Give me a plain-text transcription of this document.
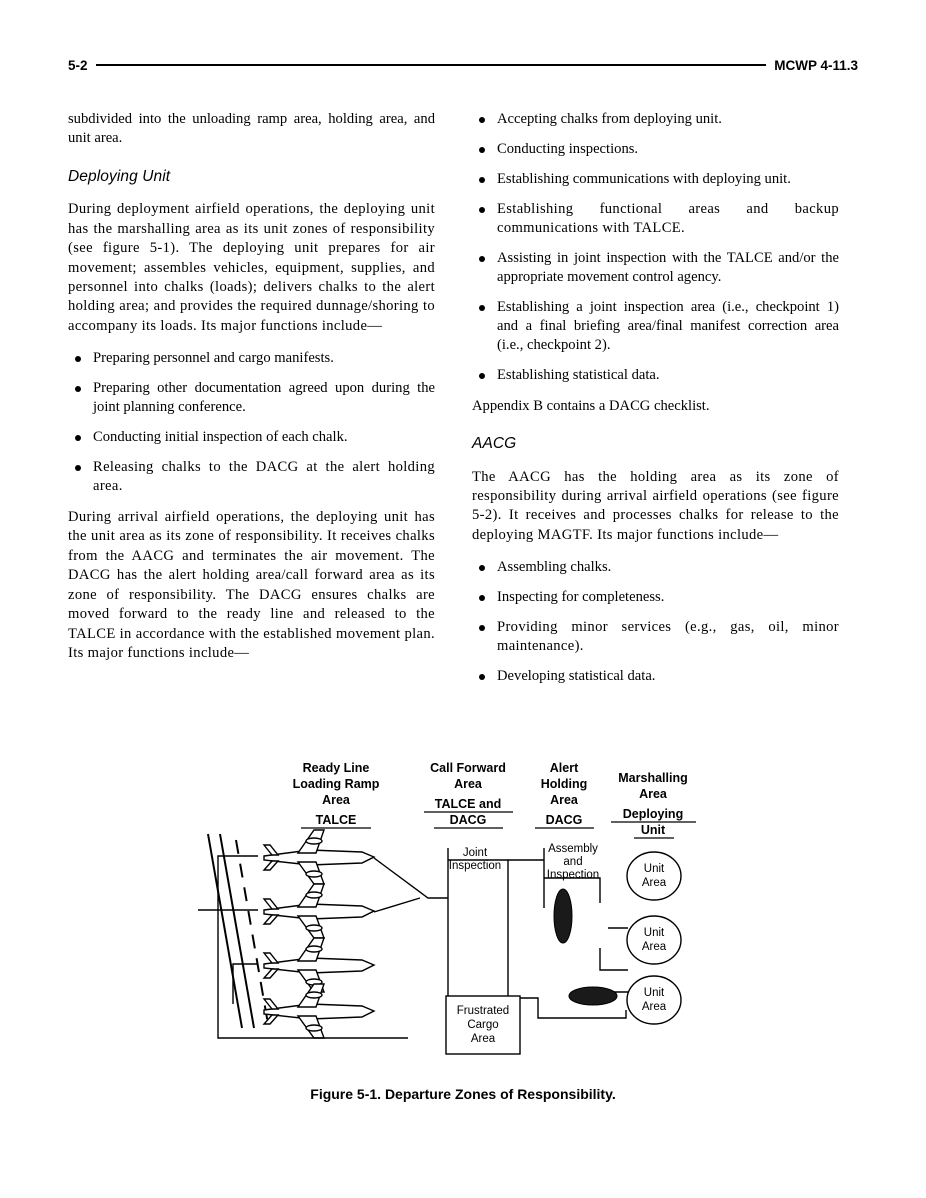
5-2	MCWP 4-11.3

subdivided into the unloading ramp area, holding area, and unit area.

Deploying Unit

During deployment airfield operations, the deploying unit has the marshalling area as its unit zones of responsibility (see figure 5-1). The deploying unit prepares for air movement; assembles vehicles, equipment, supplies, and personnel into chalks (loads); delivers chalks to the alert holding area; and provides the required dunnage/shoring to accompany its loads. Its major functions include—

Preparing personnel and cargo manifests.
Preparing other documentation agreed upon during the joint planning conference.
Conducting initial inspection of each chalk.
Releasing chalks to the DACG at the alert holding area.

During arrival airfield operations, the deploying unit has the unit area as its zone of responsibility. It receives chalks from the AACG and terminates the air movement. The DACG has the alert holding area/call forward area as its zone of responsibility. The DACG ensures chalks are moved forward to the ready line and released to the TALCE in accordance with the established movement plan. Its major functions include—

Accepting chalks from deploying unit.
Conducting inspections.
Establishing communications with deploying unit.
Establishing functional areas and backup communications with TALCE.
Assisting in joint inspection with the TALCE and/or the appropriate movement control agency.
Establishing a joint inspection area (i.e., checkpoint 1) and a final briefing area/final manifest correction area (i.e., checkpoint 2).
Establishing statistical data.

Appendix B contains a DACG checklist.

AACG

The AACG has the holding area as its zone of responsibility during arrival airfield operations (see figure 5-2). It receives and processes chalks for release to the deploying MAGTF. Its major functions include—

Assembling chalks.
Inspecting for completeness.
Providing minor services (e.g., gas, oil, minor maintenance).
Developing statistical data.
Ready Line
Loading Ramp
Area
TALCE
Call Forward
Area
TALCE and
DACG
Alert
Holding
Area
DACG
Marshalling
Area
Deploying
Unit
Joint
Inspection
Assembly
and
Inspection
Frustrated
Cargo
Area
Unit
Area
Unit
Area
Unit
Area
Figure 5-1. Departure Zones of Responsibility.
